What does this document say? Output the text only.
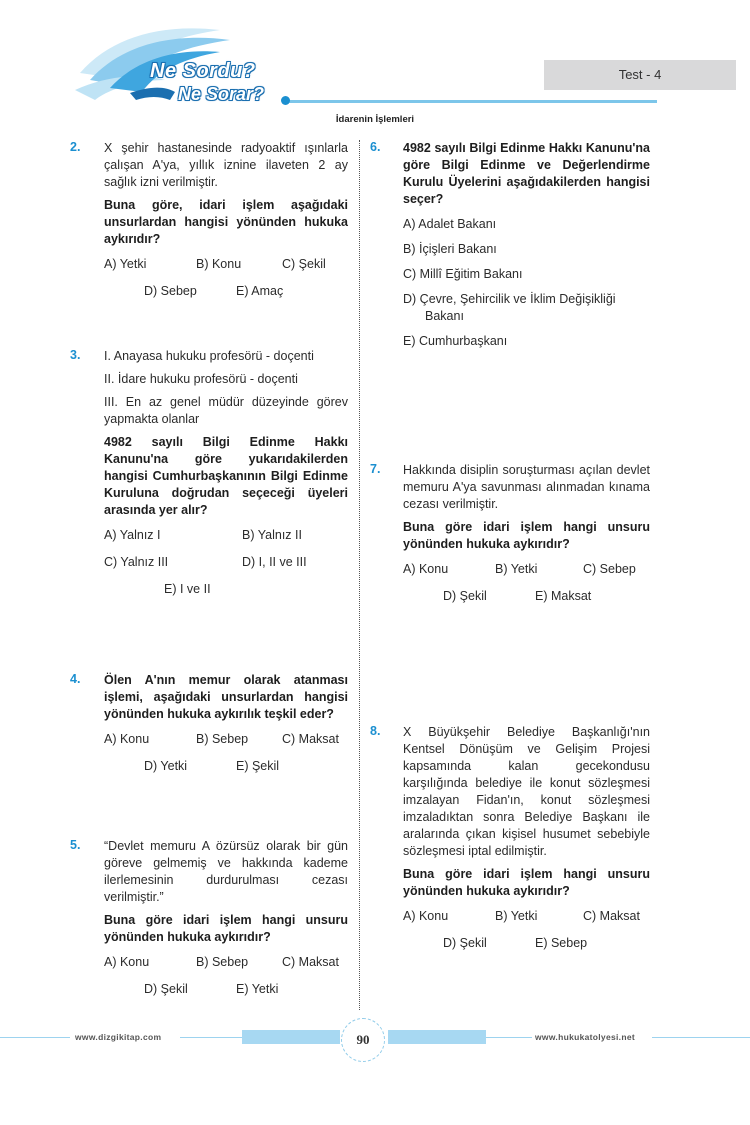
Ne Sordu?
Ne Sorar?
Test - 4
İdarenin İşlemleri
2. X şehir hastanesinde radyoaktif ışınlarla çalışan A'ya, yıllık iznine ilaveten 2 ay sağlık izni verilmiştir.

Buna göre, idari işlem aşağıdaki unsurlardan hangisi yönünden hukuka aykırıdır?

A) Yetki	B) Konu	C) Şekil
D) Sebep	E) Amaç
3. I. Anayasa hukuku profesörü - doçenti

II. İdare hukuku profesörü - doçenti

III. En az genel müdür düzeyinde görev yapmakta olanlar

4982 sayılı Bilgi Edinme Hakkı Kanunu'na göre yukarıdakilerden hangisi Cumhurbaşkanının Bilgi Edinme Kuruluna doğrudan seçeceği üyeleri arasında yer alır?

A) Yalnız I	B) Yalnız II
C) Yalnız III	D) I, II ve III
E) I ve II
4. Ölen A'nın memur olarak atanması işlemi, aşağıdaki unsurlardan hangisi yönünden hukuka aykırılık teşkil eder?

A) Konu	B) Sebep	C) Maksat
D) Yetki	E) Şekil
5. “Devlet memuru A özürsüz olarak bir gün göreve gelmemiş ve hakkında kademe ilerlemesinin durdurulması cezası verilmiştir.”

Buna göre idari işlem hangi unsuru yönünden hukuka aykırıdır?

A) Konu	B) Sebep	C) Maksat
D) Şekil	E) Yetki
6. 4982 sayılı Bilgi Edinme Hakkı Kanunu'na göre Bilgi Edinme ve Değerlendirme Kurulu Üyelerini aşağıdakilerden hangisi seçer?

A) Adalet Bakanı

B) İçişleri Bakanı

C) Millî Eğitim Bakanı

D) Çevre, Şehircilik ve İklim Değişikliği Bakanı

E) Cumhurbaşkanı

7. Hakkında disiplin soruşturması açılan devlet memuru A'ya savunması alınmadan kınama cezası verilmiştir.

Buna göre idari işlem hangi unsuru yönünden hukuka aykırıdır?

A) Konu	B) Yetki	C) Sebep
D) Şekil	E) Maksat
8. X Büyükşehir Belediye Başkanlığı'nın Kentsel Dönüşüm ve Gelişim Projesi kapsamında kalan gecekondusu karşılığında belediye ile konut sözleşmesi imzalayan Fidan'ın, konut sözleşmesi imzaladıktan sonra Belediye Başkanı ile aralarında çıkan kişisel husumet sebebiyle sözleşmesi iptal edilmiştir.

Buna göre idari işlem hangi unsuru yönünden hukuka aykırıdır?

A) Konu	B) Yetki	C) Maksat
D) Şekil	E) Sebep
www.dizgikitap.com	www.hukukatolyesi.net
90
